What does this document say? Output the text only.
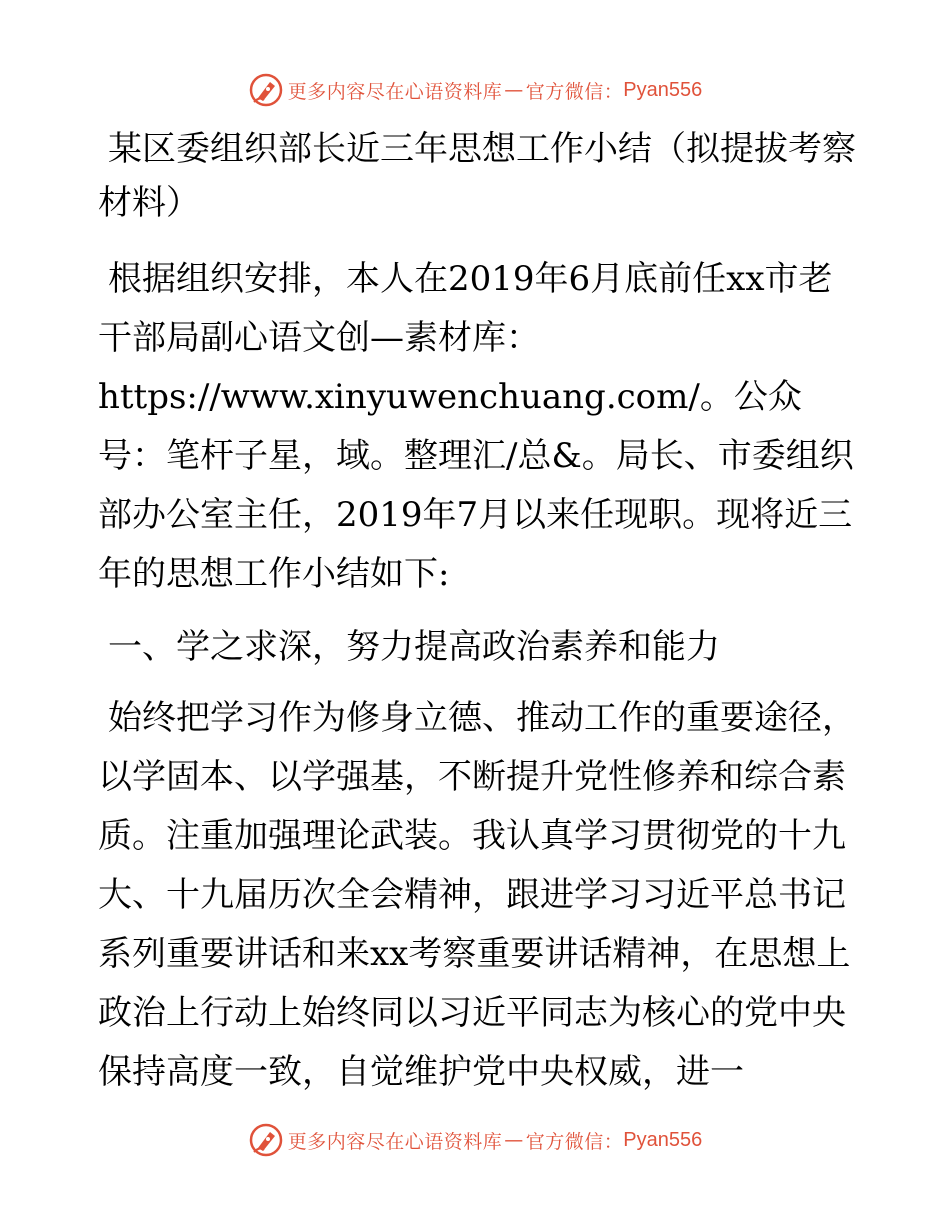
更多内容尽在心语资料库 — 官方微信： Pyan556
某区委组织部长近三年思想工作小结（拟提拔考察材料）

根据组织安排，本人在2019年6月底前任xx市老干部局副心语文创—素材库：https://www.xinyuwenchuang.com/。公众号：笔杆子星，域。整理汇/总&。局长、市委组织部办公室主任，2019年7月以来任现职。现将近三年的思想工作小结如下:

一、学之求深，努力提高政治素养和能力

始终把学习作为修身立德、推动工作的重要途径，以学固本、以学强基，不断提升党性修养和综合素质。注重加强理论武装。我认真学习贯彻党的十九大、十九届历次全会精神，跟进学习习近平总书记系列重要讲话和来xx考察重要讲话精神，在思想上政治上行动上始终同以习近平同志为核心的党中央保持高度一致，自觉维护党中央权威，进一

更多内容尽在心语资料库 — 官方微信： Pyan556
